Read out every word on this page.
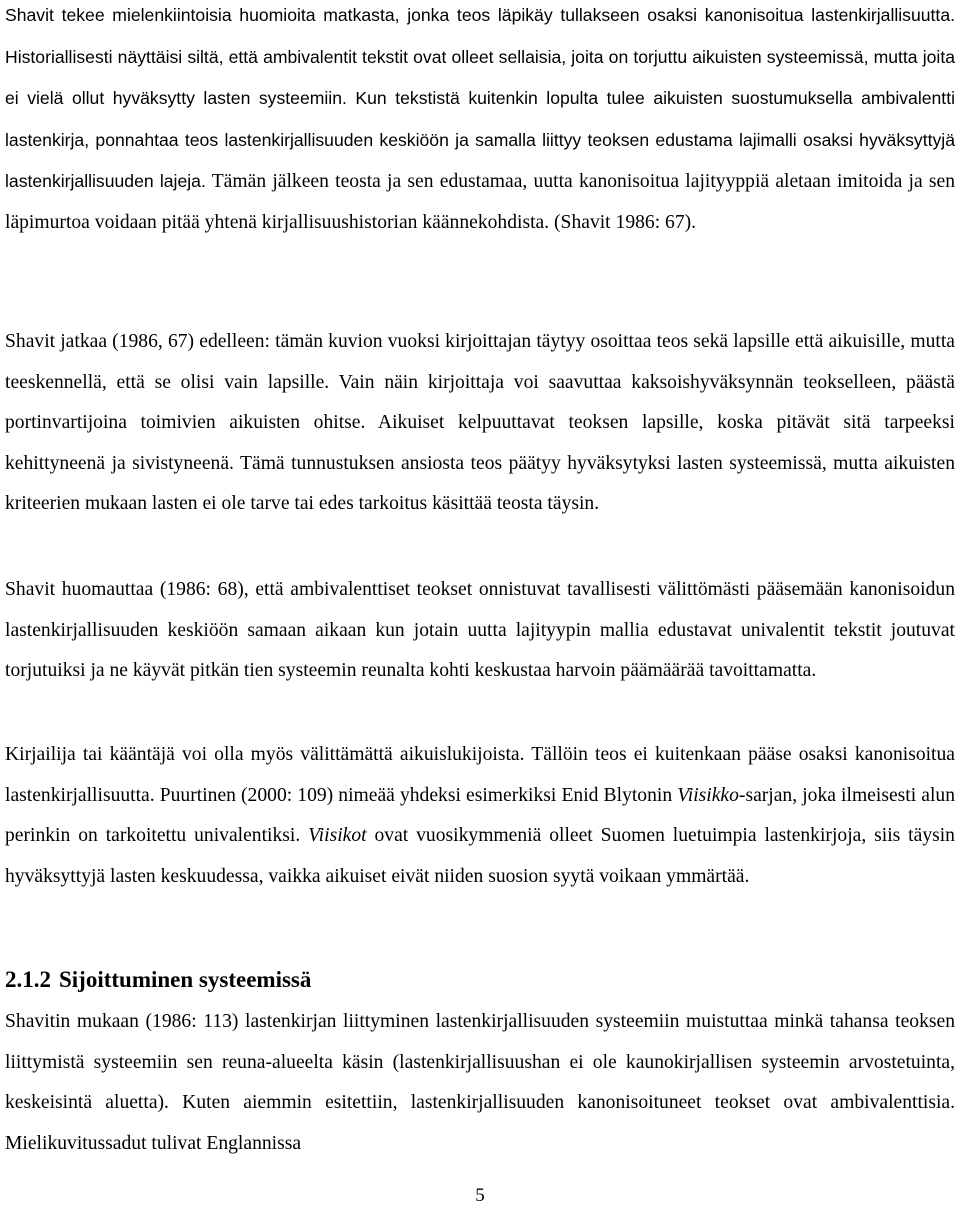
Shavit tekee mielenkiintoisia huomioita matkasta, jonka teos läpikäy tullakseen osaksi kanonisoitua lastenkirjallisuutta. Historiallisesti näyttäisi siltä, että ambivalentit tekstit ovat olleet sellaisia, joita on torjuttu aikuisten systeemissä, mutta joita ei vielä ollut hyväksytty lasten systeemiin. Kun tekstistä kuitenkin lopulta tulee aikuisten suostumuksella ambivalentti lastenkirja, ponnahtaa teos lastenkirjallisuuden keskiöön ja samalla liittyy teoksen edustama lajimalli osaksi hyväksyttyjä lastenkirjallisuuden lajeja. Tämän jälkeen teosta ja sen edustamaa, uutta kanonisoitua lajityyppiä aletaan imitoida ja sen läpimurtoa voidaan pitää yhtenä kirjallisuushistorian käännekohdista. (Shavit 1986: 67).

Shavit jatkaa (1986, 67) edelleen: tämän kuvion vuoksi kirjoittajan täytyy osoittaa teos sekä lapsille että aikuisille, mutta teeskennellä, että se olisi vain lapsille. Vain näin kirjoittaja voi saavuttaa kaksoishyväksynnän teokselleen, päästä portinvartijoina toimivien aikuisten ohitse. Aikuiset kelpuuttavat teoksen lapsille, koska pitävät sitä tarpeeksi kehittyneenä ja sivistyneenä. Tämä tunnustuksen ansiosta teos päätyy hyväksytyksi lasten systeemissä, mutta aikuisten kriteerien mukaan lasten ei ole tarve tai edes tarkoitus käsittää teosta täysin.

Shavit huomauttaa (1986: 68), että ambivalenttiset teokset onnistuvat tavallisesti välittömästi pääsemään kanonisoidun lastenkirjallisuuden keskiöön samaan aikaan kun jotain uutta lajityypin mallia edustavat univalentit tekstit joutuvat torjutuiksi ja ne käyvät pitkän tien systeemin reunalta kohti keskustaa harvoin päämäärää tavoittamatta.

Kirjailija tai kääntäjä voi olla myös välittämättä aikuislukijoista. Tällöin teos ei kuitenkaan pääse osaksi kanonisoitua lastenkirjallisuutta. Puurtinen (2000: 109) nimeää yhdeksi esimerkiksi Enid Blytonin Viisikko-sarjan, joka ilmeisesti alun perinkin on tarkoitettu univalentiksi. Viisikot ovat vuosikymmeniä olleet Suomen luetuimpia lastenkirjoja, siis täysin hyväksyttyjä lasten keskuudessa, vaikka aikuiset eivät niiden suosion syytä voikaan ymmärtää.

2.1.2 Sijoittuminen systeemissä

Shavitin mukaan (1986: 113) lastenkirjan liittyminen lastenkirjallisuuden systeemiin muistuttaa minkä tahansa teoksen liittymistä systeemiin sen reuna-alueelta käsin (lastenkirjallisuushan ei ole kaunokirjallisen systeemin arvostetuinta, keskeisintä aluetta). Kuten aiemmin esitettiin, lastenkirjallisuuden kanonisoituneet teokset ovat ambivalenttisia. Mielikuvitussadut tulivat Englannissa

5
